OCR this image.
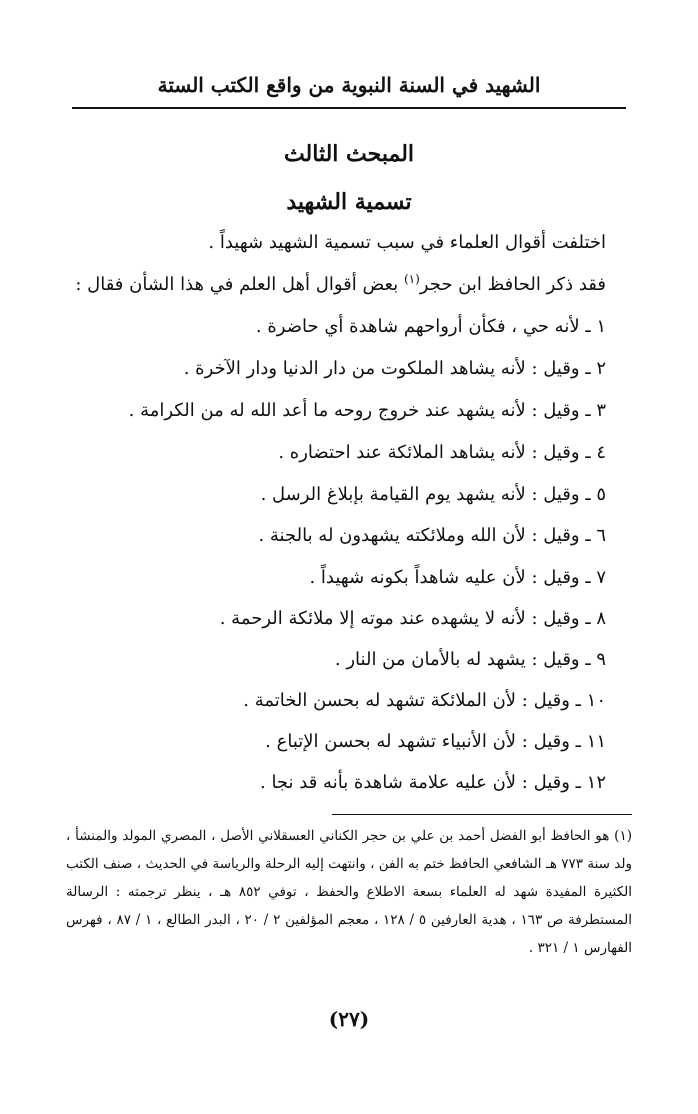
الشهيد في السنة النبوية من واقع الكتب الستة
المبحث الثالث
تسمية الشهيد
اختلفت أقوال العلماء في سبب تسمية الشهيد شهيداً .
فقد ذكر الحافظ ابن حجر$^{(١)}$ بعض أقوال أهل العلم في هذا الشأن فقال :
١ ـ لأنه حي ، فكأن أرواحهم شاهدة أي حاضرة .
٢ ـ وقيل : لأنه يشاهد الملكوت من دار الدنيا ودار الآخرة .
٣ ـ وقيل : لأنه يشهد عند خروج روحه ما أعد الله له من الكرامة .
٤ ـ وقيل : لأنه يشاهد الملائكة عند احتضاره .
٥ ـ وقيل : لأنه يشهد يوم القيامة بإبلاغ الرسل .
٦ ـ وقيل : لأن الله وملائكته يشهدون له بالجنة .
٧ ـ وقيل : لأن عليه شاهداً بكونه شهيداً .
٨ ـ وقيل : لأنه لا يشهده عند موته إلا ملائكة الرحمة .
٩ ـ وقيل : يشهد له بالأمان من النار .
١٠ ـ وقيل : لأن الملائكة تشهد له بحسن الخاتمة .
١١ ـ وقيل : لأن الأنبياء تشهد له بحسن الإتباع .
١٢ ـ وقيل : لأن عليه علامة شاهدة بأنه قد نجا .
(١) هو الحافظ أبو الفضل أحمد بن علي بن حجر الكناني العسقلاني الأصل ، المصري المولد والمنشأ ، ولد سنة ٧٧٣ هـ الشافعي الحافظ ختم به الفن ، وانتهت إليه الرحلة والرياسة في الحديث ، صنف الكتب الكثيرة المفيدة شهد له العلماء بسعة الاطلاع والحفظ ، توفي ٨٥٢ هـ ، ينظر ترجمته : الرسالة المستطرفة ص ١٦٣ ، هدية العارفين ٥ / ١٢٨ ، معجم المؤلفين ٢ / ٢٠ ، البدر الطالع ، ١ / ٨٧ ، فهرس الفهارس ١ / ٣٢١ .
(٢٧)
